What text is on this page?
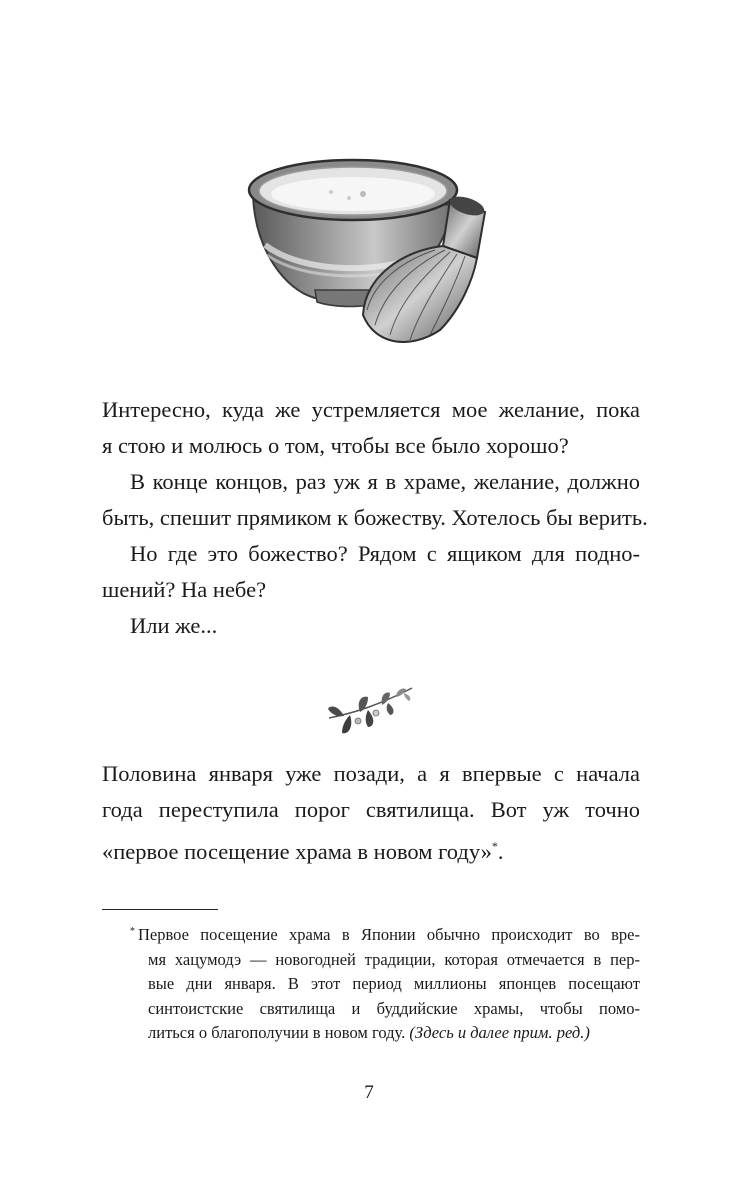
Интересно, куда же устремляется мое желание, пока
я стою и молюсь о том, чтобы все было хорошо?
В конце концов, раз уж я в храме, желание, должно
быть, спешит прямиком к божеству. Хотелось бы верить.
Но где это божество? Рядом с ящиком для подно-
шений? На небе?
Или же...
Половина января уже позади, а я впервые с начала
года переступила порог святилища. Вот уж точно
«первое посещение храма в новом году»*.
* Первое посещение храма в Японии обычно происходит во вре-
мя хацумодэ — новогодней традиции, которая отмечается в пер-
вые дни января. В этот период миллионы японцев посещают
синтоистские святилища и буддийские храмы, чтобы помо-
литься о благополучии в новом году. (Здесь и далее прим. ред.)
7
